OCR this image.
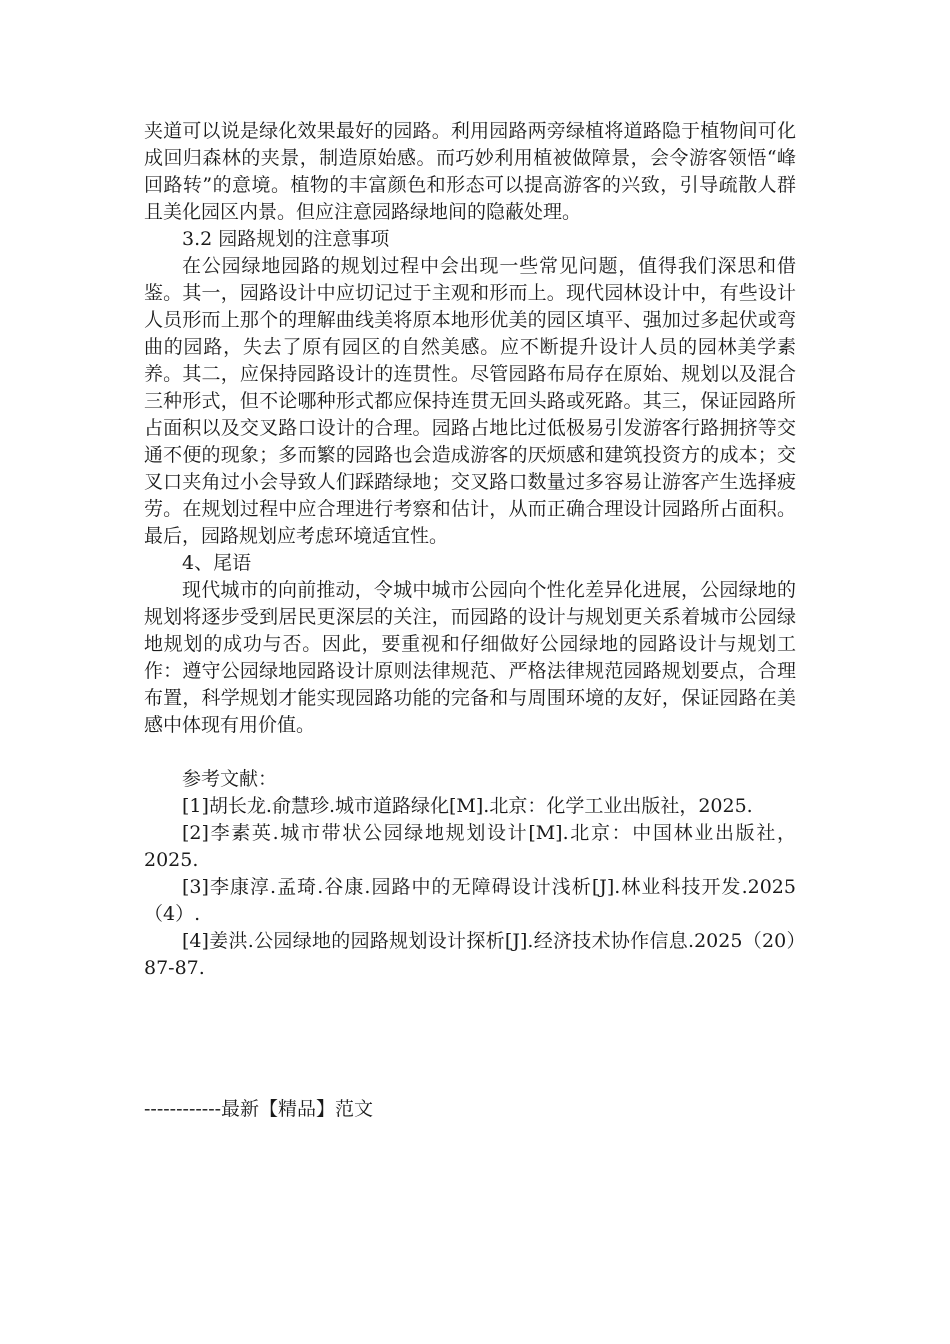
夹道可以说是绿化效果最好的园路。利用园路两旁绿植将道路隐于植物间可化成回归森林的夹景，制造原始感。而巧妙利用植被做障景，会令游客领悟“峰回路转”的意境。植物的丰富颜色和形态可以提高游客的兴致，引导疏散人群且美化园区内景。但应注意园路绿地间的隐蔽处理。

3.2 园路规划的注意事项

在公园绿地园路的规划过程中会出现一些常见问题，值得我们深思和借鉴。其一，园路设计中应切记过于主观和形而上。现代园林设计中，有些设计人员形而上那个的理解曲线美将原本地形优美的园区填平、强加过多起伏或弯曲的园路，失去了原有园区的自然美感。应不断提升设计人员的园林美学素养。其二，应保持园路设计的连贯性。尽管园路布局存在原始、规划以及混合三种形式，但不论哪种形式都应保持连贯无回头路或死路。其三，保证园路所占面积以及交叉路口设计的合理。园路占地比过低极易引发游客行路拥挤等交通不便的现象；多而繁的园路也会造成游客的厌烦感和建筑投资方的成本；交叉口夹角过小会导致人们踩踏绿地；交叉路口数量过多容易让游客产生选择疲劳。在规划过程中应合理进行考察和估计，从而正确合理设计园路所占面积。最后，园路规划应考虑环境适宜性。

4、尾语

现代城市的向前推动，令城中城市公园向个性化差异化进展，公园绿地的规划将逐步受到居民更深层的关注，而园路的设计与规划更关系着城市公园绿地规划的成功与否。因此，要重视和仔细做好公园绿地的园路设计与规划工作：遵守公园绿地园路设计原则法律规范、严格法律规范园路规划要点，合理布置，科学规划才能实现园路功能的完备和与周围环境的友好，保证园路在美感中体现有用价值。

参考文献：

[1]胡长龙.俞慧珍.城市道路绿化[M].北京：化学工业出版社，2025.

[2]李素英.城市带状公园绿地规划设计[M].北京：中国林业出版社，2025.

[3]李康淳.孟琦.谷康.园路中的无障碍设计浅析[J].林业科技开发.2025（4）.

[4]姜洪.公园绿地的园路规划设计探析[J].经济技术协作信息.2025（20）87-87.

------------最新【精品】范文
